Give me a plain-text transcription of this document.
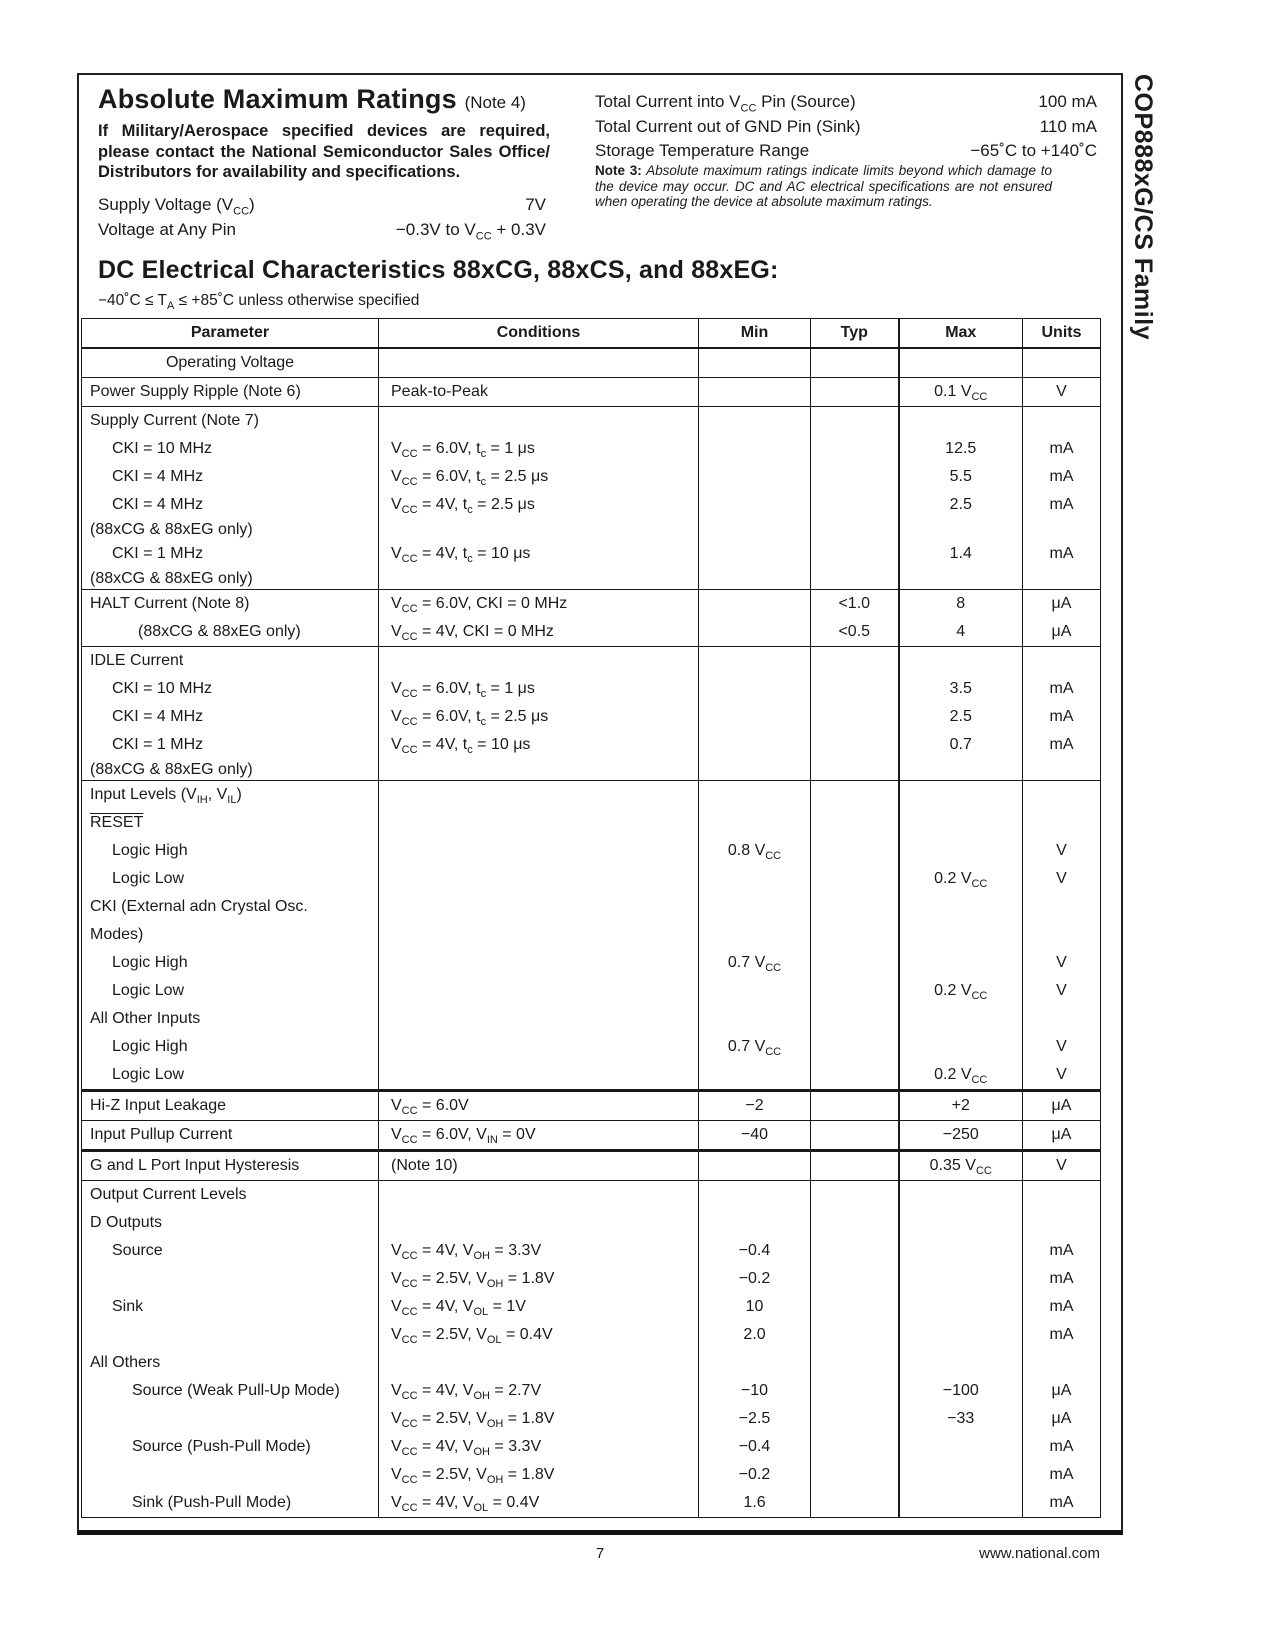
COP888xG/CS Family
Absolute Maximum Ratings (Note 4)
If Military/Aerospace specified devices are required, please contact the National Semiconductor Sales Office/ Distributors for availability and specifications.
Supply Voltage $(V_{CC})$	7V
Voltage at Any Pin	−0.3V to $V_{CC} + 0.3V$
Total Current into $V_{CC}$ Pin (Source)	100 mA
Total Current out of GND Pin (Sink)	110 mA
Storage Temperature Range	−65˚C to +140˚C
Note 3: Absolute maximum ratings indicate limits beyond which damage to the device may occur. DC and AC electrical specifications are not ensured when operating the device at absolute maximum ratings.
DC Electrical Characteristics 88xCG, 88xCS, and 88xEG:
−40˚C ≤ $T_A$ ≤ +85˚C unless otherwise specified
Parameter	Conditions	Min	Typ	Max	Units
Operating Voltage					
Power Supply Ripple (Note 6)	Peak-to-Peak			0.1 $V_{CC}$	V
Supply Current (Note 7)					
CKI = 10 MHz	$V_{CC} = 6.0V$, $t_c = 1$ μs			12.5	mA
CKI = 4 MHz	$V_{CC} = 6.0V$, $t_c = 2.5$ μs			5.5	mA
CKI = 4 MHz	$V_{CC} = 4V$, $t_c = 2.5$ μs			2.5	mA
(88xCG & 88xEG only)					
CKI = 1 MHz	$V_{CC} = 4V$, $t_c = 10$ μs			1.4	mA
(88xCG & 88xEG only)					
HALT Current (Note 8)	$V_{CC} = 6.0V$, CKI = 0 MHz		<1.0	8	μA
(88xCG & 88xEG only)	$V_{CC} = 4V$, CKI = 0 MHz		<0.5	4	μA
IDLE Current					
CKI = 10 MHz	$V_{CC} = 6.0V$, $t_c = 1$ μs			3.5	mA
CKI = 4 MHz	$V_{CC} = 6.0V$, $t_c = 2.5$ μs			2.5	mA
CKI = 1 MHz	$V_{CC} = 4V$, $t_c = 10$ μs			0.7	mA
(88xCG & 88xEG only)					
Input Levels ($V_{IH}$, $V_{IL}$)					
RESET					
Logic High		0.8 $V_{CC}$			V
Logic Low				0.2 $V_{CC}$	V
CKI (External adn Crystal Osc.					
Modes)					
Logic High		0.7 $V_{CC}$			V
Logic Low				0.2 $V_{CC}$	V
All Other Inputs					
Logic High		0.7 $V_{CC}$			V
Logic Low				0.2 $V_{CC}$	V
Hi-Z Input Leakage	$V_{CC} = 6.0V$	−2		+2	μA
Input Pullup Current	$V_{CC} = 6.0V$, $V_{IN} = 0V$	−40		−250	μA
G and L Port Input Hysteresis	(Note 10)			0.35 $V_{CC}$	V
Output Current Levels					
D Outputs					
Source	$V_{CC} = 4V$, $V_{OH} = 3.3V$	−0.4			mA
	$V_{CC} = 2.5V$, $V_{OH} = 1.8V$	−0.2			mA
Sink	$V_{CC} = 4V$, $V_{OL} = 1V$	10			mA
	$V_{CC} = 2.5V$, $V_{OL} = 0.4V$	2.0			mA
All Others					
Source (Weak Pull-Up Mode)	$V_{CC} = 4V$, $V_{OH} = 2.7V$	−10		−100	μA
	$V_{CC} = 2.5V$, $V_{OH} = 1.8V$	−2.5		−33	μA
Source (Push-Pull Mode)	$V_{CC} = 4V$, $V_{OH} = 3.3V$	−0.4			mA
	$V_{CC} = 2.5V$, $V_{OH} = 1.8V$	−0.2			mA
Sink (Push-Pull Mode)	$V_{CC} = 4V$, $V_{OL} = 0.4V$	1.6			mA
7	www.national.com
